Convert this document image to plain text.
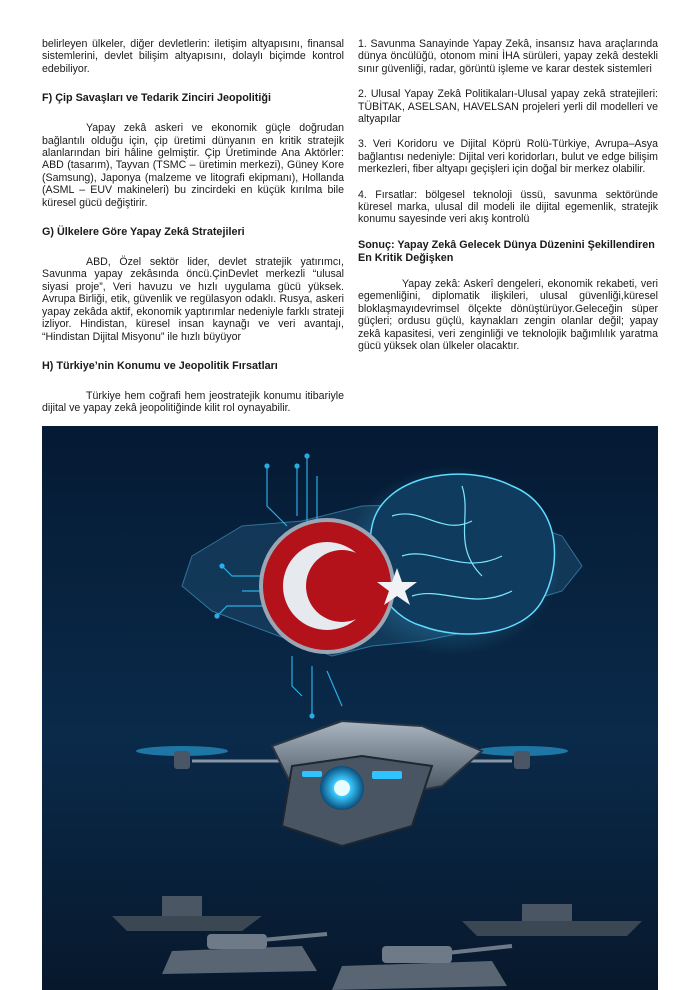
belirleyen ülkeler, diğer devletlerin: iletişim altyapısını, finansal sistemlerini, devlet bilişim altyapısını, dolaylı biçimde kontrol edebiliyor.

F) Çip Savaşları ve Tedarik Zinciri Jeopolitiği

Yapay zekâ askeri ve ekonomik güçle doğrudan bağlantılı olduğu için, çip üretimi dünyanın en kritik stratejik alanlarından biri hâline gelmiştir. Çip Üretiminde Ana Aktörler: ABD (tasarım), Tayvan (TSMC – üretimin merkezi), Güney Kore (Samsung), Japonya (malzeme ve litografi ekipmanı), Hollanda (ASML – EUV makineleri) bu zincirdeki en küçük kırılma bile küresel gücü değiştirir.

G) Ülkelere Göre Yapay Zekâ Stratejileri

ABD, Özel sektör lider, devlet stratejik yatırımcı, Savunma yapay zekâsında öncü.ÇinDevlet merkezli “ulusal siyasi proje”, Veri havuzu ve hızlı uygulama gücü yüksek. Avrupa Birliği, etik, güvenlik ve regülasyon odaklı. Rusya, askeri yapay zekâda aktif, ekonomik yaptırımlar nedeniyle farklı strateji izliyor. Hindistan, küresel insan kaynağı ve veri avantajı, “Hindistan Dijital Misyonu” ile hızlı büyüyor

H) Türkiye’nin Konumu ve Jeopolitik Fırsatları

Türkiye hem coğrafi hem jeostratejik konumu itibariyle dijital ve yapay zekâ jeopolitiğinde kilit rol oynayabilir.

1. Savunma Sanayinde Yapay Zekâ, insansız hava araçlarında dünya öncülüğü, otonom mini İHA sürüleri, yapay zekâ destekli sınır güvenliği, radar, görüntü işleme ve karar destek sistemleri

2. Ulusal Yapay Zekâ Politikaları-Ulusal yapay zekâ stratejileri: TÜBİTAK, ASELSAN, HAVELSAN projeleri yerli dil modelleri ve altyapılar

3. Veri Koridoru ve Dijital Köprü Rolü-Türkiye, Avrupa–Asya bağlantısı nedeniyle: Dijital veri koridorları, bulut ve edge bilişim merkezleri, fiber altyapı geçişleri için doğal bir merkez olabilir.

4. Fırsatlar: bölgesel teknoloji üssü, savunma sektöründe küresel marka, ulusal dil modeli ile dijital egemenlik, stratejik konumu sayesinde veri akış kontrolü

Sonuç: Yapay Zekâ Gelecek Dünya Düzenini Şekillendiren En Kritik Değişken

Yapay zekâ: Askerî dengeleri, ekonomik rekabeti, veri egemenliğini, diplomatik ilişkileri, ulusal güvenliği,küresel bloklaşmayıdevrimsel ölçekte dönüştürüyor.Geleceğin süper güçleri; ordusu güçlü, kaynakları zengin olanlar değil; yapay zekâ kapasitesi, veri zenginliği ve teknolojik bağımlılık yaratma gücü yüksek olan ülkeler olacaktır.
